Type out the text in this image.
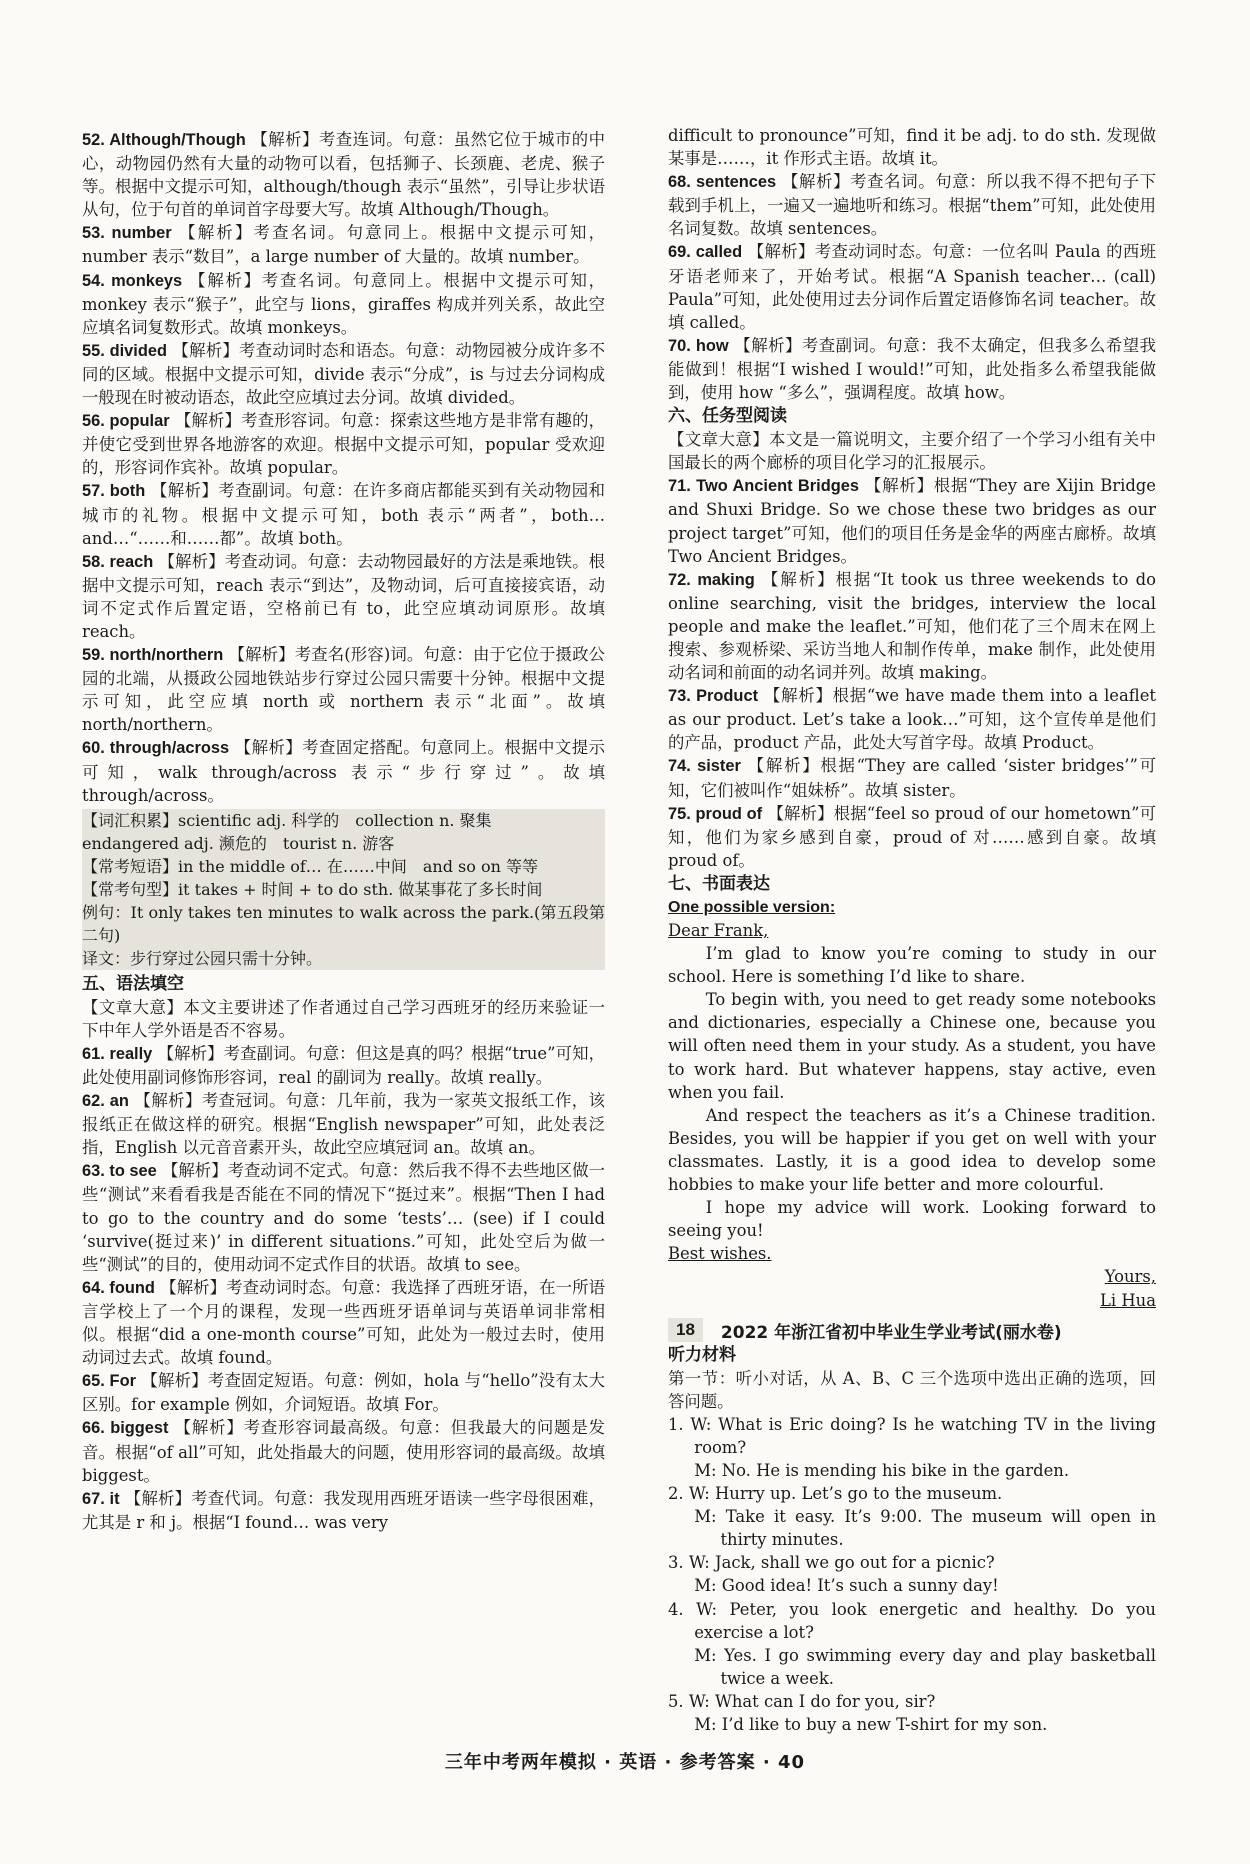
52. Although/Though 【解析】考查连词。句意：虽然它位于城市的中心，动物园仍然有大量的动物可以看，包括狮子、长颈鹿、老虎、猴子等。根据中文提示可知，although/though 表示“虽然”，引导让步状语从句，位于句首的单词首字母要大写。故填 Although/Though。

53. number 【解析】考查名词。句意同上。根据中文提示可知，number 表示“数目”，a large number of 大量的。故填 number。

54. monkeys 【解析】考查名词。句意同上。根据中文提示可知，monkey 表示“猴子”，此空与 lions，giraffes 构成并列关系，故此空应填名词复数形式。故填 monkeys。

55. divided 【解析】考查动词时态和语态。句意：动物园被分成许多不同的区域。根据中文提示可知，divide 表示“分成”，is 与过去分词构成一般现在时被动语态，故此空应填过去分词。故填 divided。

56. popular 【解析】考查形容词。句意：探索这些地方是非常有趣的，并使它受到世界各地游客的欢迎。根据中文提示可知，popular 受欢迎的，形容词作宾补。故填 popular。

57. both 【解析】考查副词。句意：在许多商店都能买到有关动物园和城市的礼物。根据中文提示可知，both 表示“两者”，both… and…“……和……都”。故填 both。

58. reach 【解析】考查动词。句意：去动物园最好的方法是乘地铁。根据中文提示可知，reach 表示“到达”，及物动词，后可直接接宾语，动词不定式作后置定语，空格前已有 to，此空应填动词原形。故填 reach。

59. north/northern 【解析】考查名(形容)词。句意：由于它位于摄政公园的北端，从摄政公园地铁站步行穿过公园只需要十分钟。根据中文提示可知，此空应填 north 或 northern 表示“北面”。故填 north/northern。

60. through/across 【解析】考查固定搭配。句意同上。根据中文提示可知，walk through/across 表示“步行穿过”。故填 through/across。

【词汇积累】scientific adj. 科学的　collection n. 聚集

endangered adj. 濒危的　tourist n. 游客

【常考短语】in the middle of… 在……中间　and so on 等等

【常考句型】it takes + 时间 + to do sth. 做某事花了多长时间

例句：It only takes ten minutes to walk across the park.(第五段第二句)

译文：步行穿过公园只需十分钟。

五、语法填空

【文章大意】本文主要讲述了作者通过自己学习西班牙的经历来验证一下中年人学外语是否不容易。

61. really 【解析】考查副词。句意：但这是真的吗？根据“true”可知，此处使用副词修饰形容词，real 的副词为 really。故填 really。

62. an 【解析】考查冠词。句意：几年前，我为一家英文报纸工作，该报纸正在做这样的研究。根据“English newspaper”可知，此处表泛指，English 以元音音素开头，故此空应填冠词 an。故填 an。

63. to see 【解析】考查动词不定式。句意：然后我不得不去些地区做一些“测试”来看看我是否能在不同的情况下“挺过来”。根据“Then I had to go to the country and do some ‘tests’… (see) if I could ‘survive(挺过来)’ in different situations.”可知，此处空后为做一些“测试”的目的，使用动词不定式作目的状语。故填 to see。

64. found 【解析】考查动词时态。句意：我选择了西班牙语，在一所语言学校上了一个月的课程，发现一些西班牙语单词与英语单词非常相似。根据“did a one-month course”可知，此处为一般过去时，使用动词过去式。故填 found。

65. For 【解析】考查固定短语。句意：例如，hola 与“hello”没有太大区别。for example 例如，介词短语。故填 For。

66. biggest 【解析】考查形容词最高级。句意：但我最大的问题是发音。根据“of all”可知，此处指最大的问题，使用形容词的最高级。故填 biggest。

67. it 【解析】考查代词。句意：我发现用西班牙语读一些字母很困难，尤其是 r 和 j。根据“I found… was very

difficult to pronounce”可知，find it be adj. to do sth. 发现做某事是……，it 作形式主语。故填 it。

68. sentences 【解析】考查名词。句意：所以我不得不把句子下载到手机上，一遍又一遍地听和练习。根据“them”可知，此处使用名词复数。故填 sentences。

69. called 【解析】考查动词时态。句意：一位名叫 Paula 的西班牙语老师来了，开始考试。根据“A Spanish teacher… (call) Paula”可知，此处使用过去分词作后置定语修饰名词 teacher。故填 called。

70. how 【解析】考查副词。句意：我不太确定，但我多么希望我能做到！根据“I wished I would!”可知，此处指多么希望我能做到，使用 how “多么”，强调程度。故填 how。

六、任务型阅读

【文章大意】本文是一篇说明文，主要介绍了一个学习小组有关中国最长的两个廊桥的项目化学习的汇报展示。

71. Two Ancient Bridges 【解析】根据“They are Xijin Bridge and Shuxi Bridge. So we chose these two bridges as our project target”可知，他们的项目任务是金华的两座古廊桥。故填 Two Ancient Bridges。

72. making 【解析】根据“It took us three weekends to do online searching, visit the bridges, interview the local people and make the leaflet.”可知，他们花了三个周末在网上搜索、参观桥梁、采访当地人和制作传单，make 制作，此处使用动名词和前面的动名词并列。故填 making。

73. Product 【解析】根据“we have made them into a leaflet as our product. Let’s take a look…”可知，这个宣传单是他们的产品，product 产品，此处大写首字母。故填 Product。

74. sister 【解析】根据“They are called ‘sister bridges’”可知，它们被叫作“姐妹桥”。故填 sister。

75. proud of 【解析】根据“feel so proud of our hometown”可知，他们为家乡感到自豪，proud of 对……感到自豪。故填 proud of。

七、书面表达

One possible version:

Dear Frank,

I’m glad to know you’re coming to study in our school. Here is something I’d like to share.

To begin with, you need to get ready some notebooks and dictionaries, especially a Chinese one, because you will often need them in your study. As a student, you have to work hard. But whatever happens, stay active, even when you fail.

And respect the teachers as it’s a Chinese tradition. Besides, you will be happier if you get on well with your classmates. Lastly, it is a good idea to develop some hobbies to make your life better and more colourful.

I hope my advice will work. Looking forward to seeing you!

Best wishes.

Yours,

Li Hua

18	2022 年浙江省初中毕业生学业考试(丽水卷)

听力材料

第一节：听小对话，从 A、B、C 三个选项中选出正确的选项，回答问题。

1. W: What is Eric doing? Is he watching TV in the living room?

M: No. He is mending his bike in the garden.

2. W: Hurry up. Let’s go to the museum.

M: Take it easy. It’s 9:00. The museum will open in thirty minutes.

3. W: Jack, shall we go out for a picnic?

M: Good idea! It’s such a sunny day!

4. W: Peter, you look energetic and healthy. Do you exercise a lot?

M: Yes. I go swimming every day and play basketball twice a week.

5. W: What can I do for you, sir?

M: I’d like to buy a new T-shirt for my son.

三年中考两年模拟 · 英语 · 参考答案 · 40
